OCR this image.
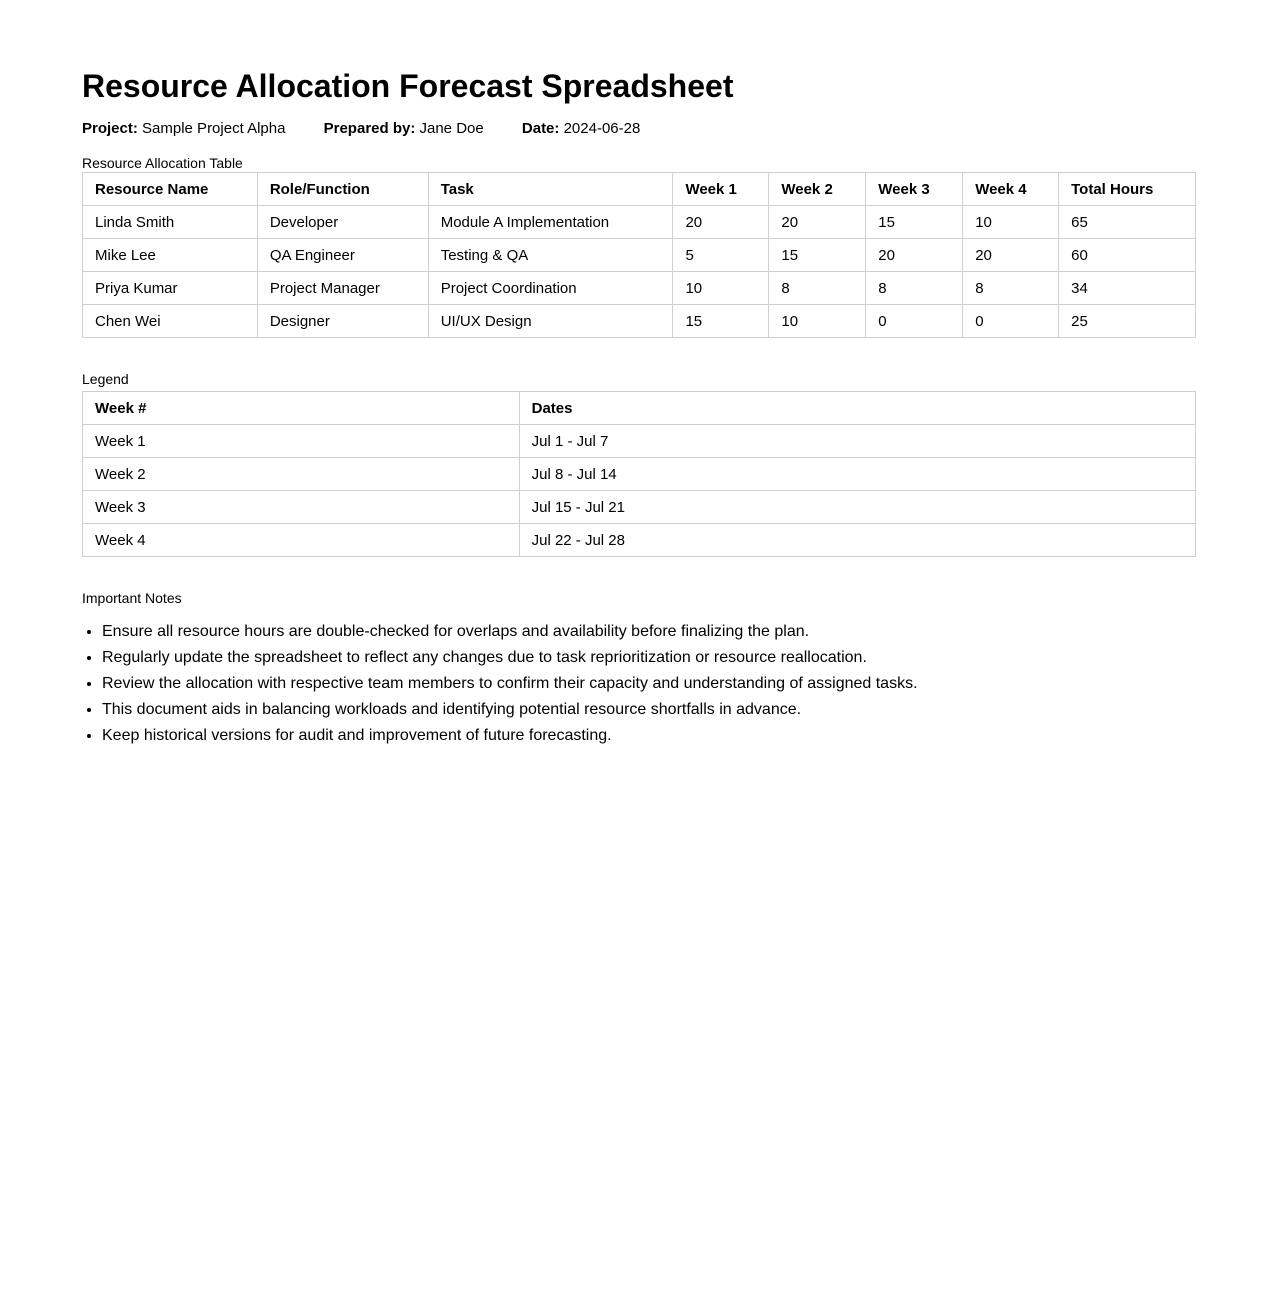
Resource Allocation Forecast Spreadsheet
Project: Sample Project Alpha	Prepared by: Jane Doe	Date: 2024-06-28

Resource Allocation Table

Resource Name	Role/Function	Task	Week 1	Week 2	Week 3	Week 4	Total Hours
Linda Smith	Developer	Module A Implementation	20	20	15	10	65
Mike Lee	QA Engineer	Testing & QA	5	15	20	20	60
Priya Kumar	Project Manager	Project Coordination	10	8	8	8	34
Chen Wei	Designer	UI/UX Design	15	10	0	0	25

Legend

Week #	Dates
Week 1	Jul 1 - Jul 7
Week 2	Jul 8 - Jul 14
Week 3	Jul 15 - Jul 21
Week 4	Jul 22 - Jul 28

Important Notes

• Ensure all resource hours are double-checked for overlaps and availability before finalizing the plan.
• Regularly update the spreadsheet to reflect any changes due to task reprioritization or resource reallocation.
• Review the allocation with respective team members to confirm their capacity and understanding of assigned tasks.
• This document aids in balancing workloads and identifying potential resource shortfalls in advance.
• Keep historical versions for audit and improvement of future forecasting.
